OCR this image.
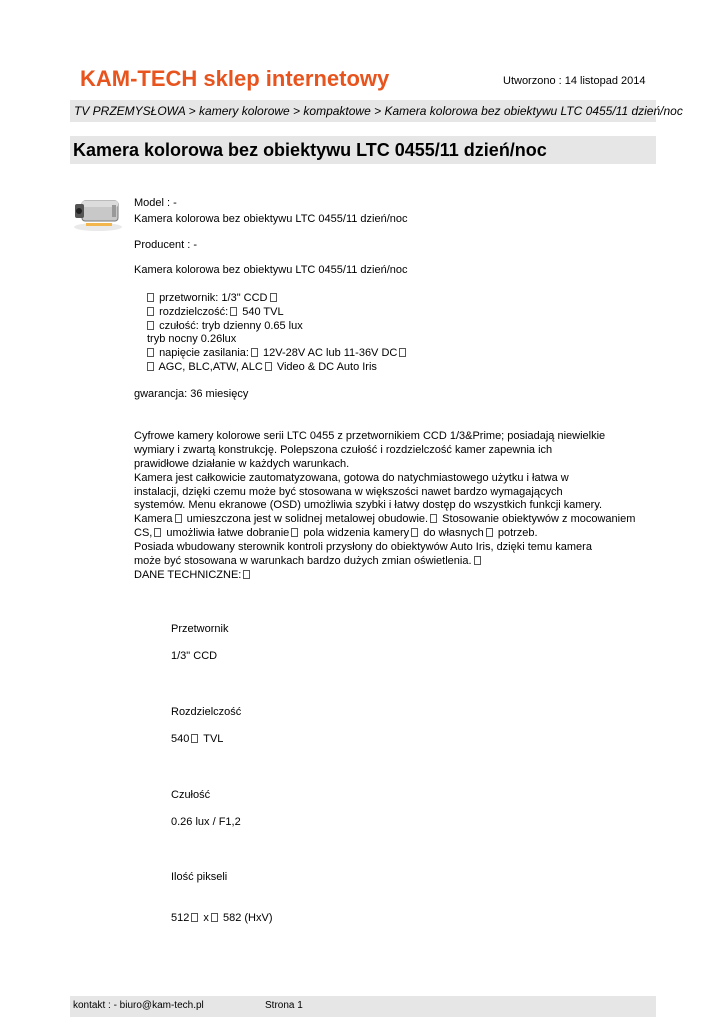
KAM-TECH sklep internetowy	Utworzono : 14 listopad 2014
TV PRZEMYSŁOWA > kamery kolorowe > kompaktowe > Kamera kolorowa bez obiektywu LTC 0455/11 dzień/noc
Kamera kolorowa bez obiektywu LTC 0455/11 dzień/noc
Model : -
Kamera kolorowa bez obiektywu LTC 0455/11 dzień/noc
Producent : -
Kamera kolorowa bez obiektywu LTC 0455/11 dzień/noc
przetwornik: 1/3" CCD
rozdzielczość: 540 TVL
czułość: tryb dzienny 0.65 lux
tryb nocny 0.26lux
napięcie zasilania: 12V-28V AC lub 11-36V DC
AGC, BLC,ATW, ALC Video & DC Auto Iris
gwarancja: 36 miesięcy
Cyfrowe kamery kolorowe serii LTC 0455 z przetwornikiem CCD 1/3&Prime; posiadają niewielkie
wymiary i zwartą konstrukcję. Polepszona czułość i rozdzielczość kamer zapewnia ich
prawidłowe działanie w każdych warunkach.
Kamera jest całkowicie zautomatyzowana, gotowa do natychmiastowego użytku i łatwa w
instalacji, dzięki czemu może być stosowana w większości nawet bardzo wymagających
systemów. Menu ekranowe (OSD) umożliwia szybki i łatwy dostęp do wszystkich funkcji kamery.
Kamera umieszczona jest w solidnej metalowej obudowie. Stosowanie obiektywów z mocowaniem
CS, umożliwia łatwe dobranie pola widzenia kamery do własnych potrzeb.
Posiada wbudowany sterownik kontroli przysłony do obiektywów Auto Iris, dzięki temu kamera
może być stosowana w warunkach bardzo dużych zmian oświetlenia.
DANE TECHNICZNE:
Przetwornik
1/3" CCD
Rozdzielczość
540 TVL
Czułość
0.26 lux / F1,2
Ilość pikseli
512 x 582 (HxV)
kontakt : - biuro@kam-tech.pl	Strona 1
